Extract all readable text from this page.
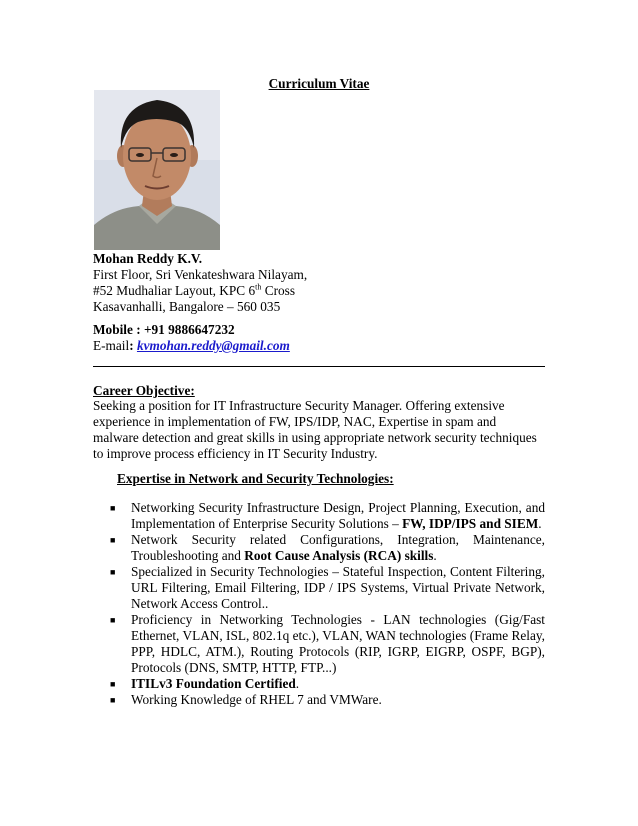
Curriculum Vitae
Mohan Reddy K.V.
First Floor, Sri Venkateshwara Nilayam,
#52 Mudhaliar Layout, KPC 6th Cross
Kasavanhalli, Bangalore – 560 035
Mobile : +91 9886647232
E-mail: kvmohan.reddy@gmail.com
Career Objective:
Seeking a position for IT Infrastructure Security Manager. Offering extensive experience in implementation of FW, IPS/IDP, NAC, Expertise in spam and malware detection and great skills in using appropriate network security techniques to improve process efficiency in IT Security Industry.
Expertise in Network and Security Technologies:
■ Networking Security Infrastructure Design, Project Planning, Execution, and Implementation of Enterprise Security Solutions – FW, IDP/IPS and SIEM.
■ Network Security related Configurations, Integration, Maintenance, Troubleshooting and Root Cause Analysis (RCA) skills.
■ Specialized in Security Technologies – Stateful Inspection, Content Filtering, URL Filtering, Email Filtering, IDP / IPS Systems, Virtual Private Network, Network Access Control..
■ Proficiency in Networking Technologies - LAN technologies (Gig/Fast Ethernet, VLAN, ISL, 802.1q etc.), VLAN, WAN technologies (Frame Relay, PPP, HDLC, ATM.), Routing Protocols (RIP, IGRP, EIGRP, OSPF, BGP), Protocols (DNS, SMTP, HTTP, FTP...)
■ ITILv3 Foundation Certified.
■ Working Knowledge of RHEL 7 and VMWare.
